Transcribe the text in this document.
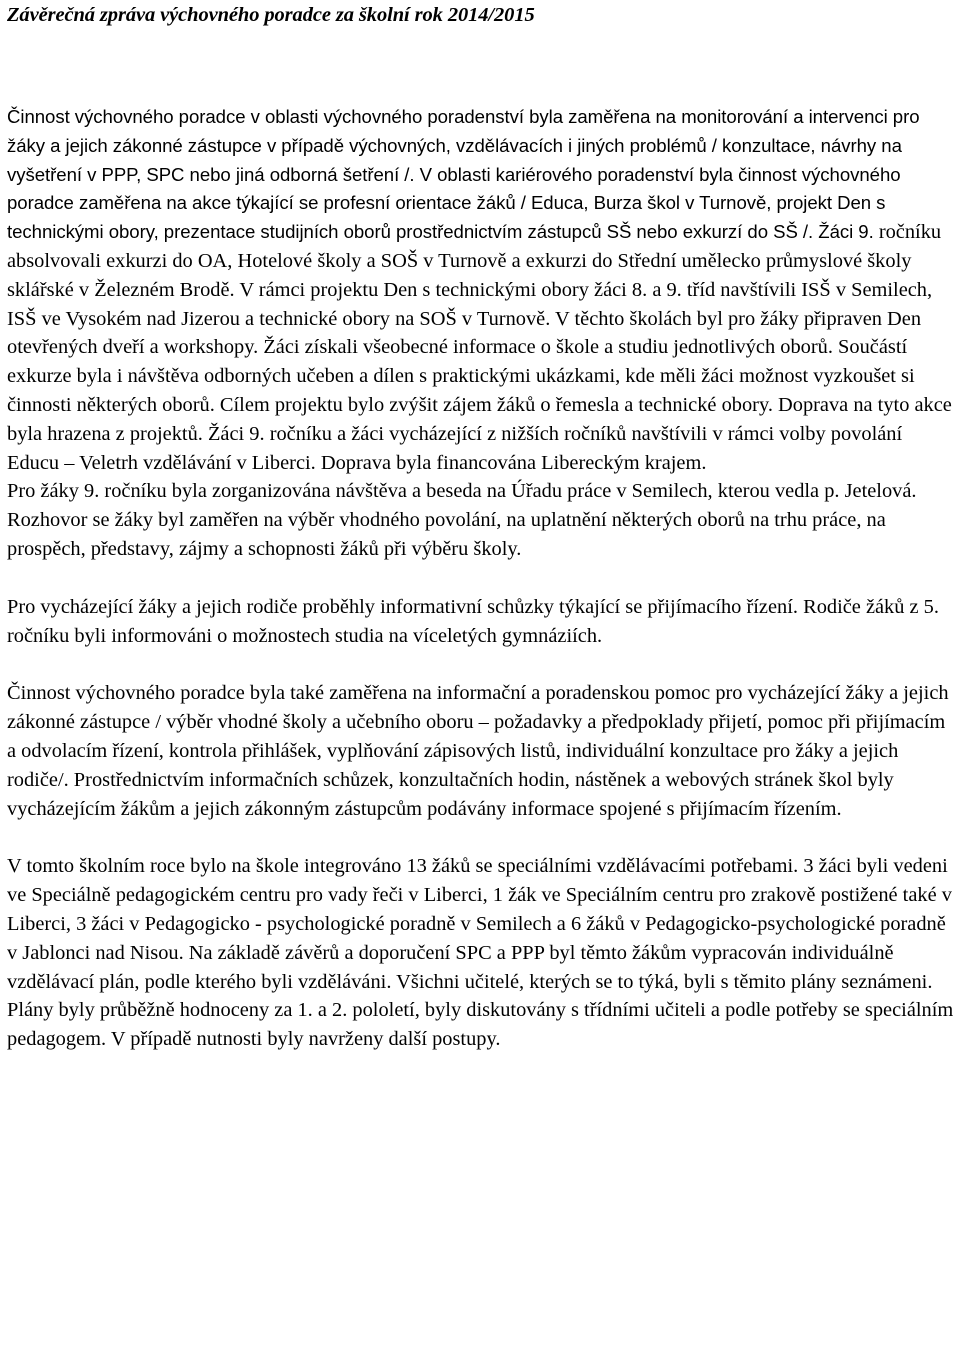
Závěrečná zpráva výchovného poradce za školní rok 2014/2015

Činnost výchovného poradce v oblasti výchovného poradenství byla zaměřena na monitorování a intervenci pro žáky a jejich zákonné zástupce v případě výchovných, vzdělávacích i jiných problémů / konzultace, návrhy na vyšetření v PPP, SPC nebo jiná odborná šetření /. V oblasti kariérového poradenství byla činnost výchovného poradce zaměřena na akce týkající se profesní orientace žáků / Educa, Burza škol v Turnově, projekt Den s technickými obory, prezentace studijních oborů prostřednictvím zástupců SŠ nebo exkurzí do SŠ /. Žáci 9. ročníku absolvovali exkurzi do OA, Hotelové školy a SOŠ v Turnově a exkurzi do Střední umělecko průmyslové školy sklářské v Železném Brodě. V rámci projektu Den s technickými obory žáci 8. a 9. tříd navštívili ISŠ v Semilech, ISŠ ve Vysokém nad Jizerou a technické obory na SOŠ v Turnově. V těchto školách byl pro žáky připraven Den otevřených dveří a workshopy. Žáci získali všeobecné informace o škole a studiu jednotlivých oborů. Součástí exkurze byla i návštěva odborných učeben a dílen s praktickými ukázkami, kde měli žáci možnost vyzkoušet si činnosti některých oborů. Cílem projektu bylo zvýšit zájem žáků o řemesla a technické obory. Doprava na tyto akce byla hrazena z projektů. Žáci 9. ročníku a žáci vycházející z nižších ročníků navštívili v rámci volby povolání Educu – Veletrh vzdělávání v Liberci. Doprava byla financována Libereckým krajem.

Pro žáky 9. ročníku byla zorganizována návštěva a beseda na Úřadu práce v Semilech, kterou vedla p. Jetelová. Rozhovor se žáky byl zaměřen na výběr vhodného povolání, na uplatnění některých oborů na trhu práce, na prospěch, představy, zájmy a schopnosti žáků při výběru školy.

Pro vycházející žáky a jejich rodiče proběhly informativní schůzky týkající se přijímacího řízení. Rodiče žáků z 5. ročníku byli informováni o možnostech studia na víceletých gymnáziích.

Činnost výchovného poradce byla také zaměřena na informační a poradenskou pomoc pro vycházející žáky a jejich zákonné zástupce / výběr vhodné školy a učebního oboru – požadavky a předpoklady přijetí, pomoc při přijímacím a odvolacím řízení, kontrola přihlášek, vyplňování zápisových listů, individuální konzultace pro žáky a jejich rodiče/. Prostřednictvím informačních schůzek, konzultačních hodin, nástěnek a webových stránek škol byly vycházejícím žákům a jejich zákonným zástupcům podávány informace spojené s přijímacím řízením.

V tomto školním roce bylo na škole integrováno 13 žáků se speciálními vzdělávacími potřebami. 3 žáci byli vedeni ve Speciálně pedagogickém centru pro vady řeči v Liberci, 1 žák ve Speciálním centru pro zrakově postižené také v Liberci, 3 žáci v Pedagogicko - psychologické poradně v Semilech a 6 žáků v Pedagogicko-psychologické poradně v Jablonci nad Nisou. Na základě závěrů a doporučení SPC a PPP byl těmto žákům vypracován individuálně vzdělávací plán, podle kterého byli vzděláváni. Všichni učitelé, kterých se to týká, byli s těmito plány seznámeni. Plány byly průběžně hodnoceny za 1. a 2. pololetí, byly diskutovány s třídními učiteli a podle potřeby se speciálním pedagogem. V případě nutnosti byly navrženy další postupy.
